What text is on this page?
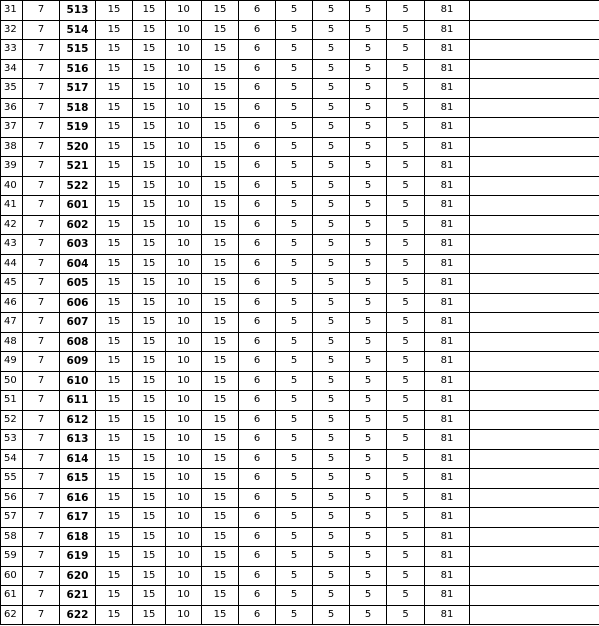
31	7	513	15	15	10	15	6	5	5	5	5	81	
32	7	514	15	15	10	15	6	5	5	5	5	81	
33	7	515	15	15	10	15	6	5	5	5	5	81	
34	7	516	15	15	10	15	6	5	5	5	5	81	
35	7	517	15	15	10	15	6	5	5	5	5	81	
36	7	518	15	15	10	15	6	5	5	5	5	81	
37	7	519	15	15	10	15	6	5	5	5	5	81	
38	7	520	15	15	10	15	6	5	5	5	5	81	
39	7	521	15	15	10	15	6	5	5	5	5	81	
40	7	522	15	15	10	15	6	5	5	5	5	81	
41	7	601	15	15	10	15	6	5	5	5	5	81	
42	7	602	15	15	10	15	6	5	5	5	5	81	
43	7	603	15	15	10	15	6	5	5	5	5	81	
44	7	604	15	15	10	15	6	5	5	5	5	81	
45	7	605	15	15	10	15	6	5	5	5	5	81	
46	7	606	15	15	10	15	6	5	5	5	5	81	
47	7	607	15	15	10	15	6	5	5	5	5	81	
48	7	608	15	15	10	15	6	5	5	5	5	81	
49	7	609	15	15	10	15	6	5	5	5	5	81	
50	7	610	15	15	10	15	6	5	5	5	5	81	
51	7	611	15	15	10	15	6	5	5	5	5	81	
52	7	612	15	15	10	15	6	5	5	5	5	81	
53	7	613	15	15	10	15	6	5	5	5	5	81	
54	7	614	15	15	10	15	6	5	5	5	5	81	
55	7	615	15	15	10	15	6	5	5	5	5	81	
56	7	616	15	15	10	15	6	5	5	5	5	81	
57	7	617	15	15	10	15	6	5	5	5	5	81	
58	7	618	15	15	10	15	6	5	5	5	5	81	
59	7	619	15	15	10	15	6	5	5	5	5	81	
60	7	620	15	15	10	15	6	5	5	5	5	81	
61	7	621	15	15	10	15	6	5	5	5	5	81	
62	7	622	15	15	10	15	6	5	5	5	5	81	
